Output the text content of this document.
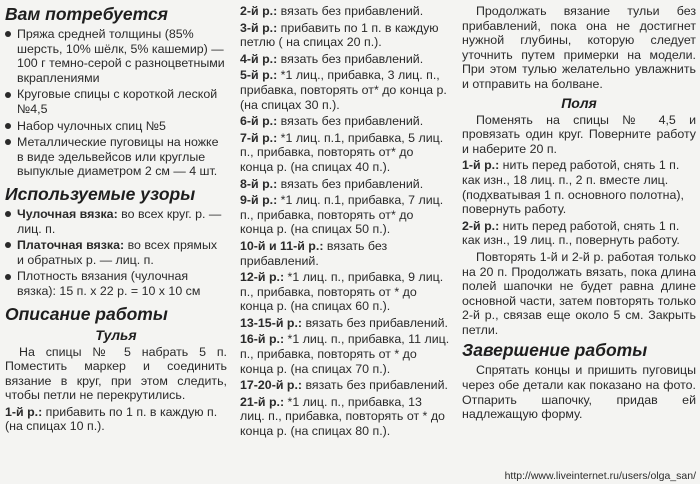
Вам потребуется

Пряжа средней толщины (85% шерсть, 10% шёлк, 5% кашемир) — 100 г темно-серой с разноцветными вкраплениями

Круговые спицы с короткой леской №4,5

Набор чулочных спиц №5

Металлические пуговицы на ножке в виде эдельвейсов или круглые выпуклые диаметром 2 см — 4 шт.

Используемые узоры

Чулочная вязка: во всех круг. р. — лиц. п.

Платочная вязка: во всех прямых и обратных р. — лиц. п.

Плотность вязания (чулочная вязка): 15 п. х 22 р. = 10 х 10 см

Описание работы
Тулья

На спицы № 5 набрать 5 п. Поместить маркер и соединить вязание в круг, при этом следить, чтобы петли не перекрутились.

1-й р.: прибавить по 1 п. в каждую п. (на спицах 10 п.).

2-й р.: вязать без прибавлений.

3-й р.: прибавить по 1 п. в каждую петлю ( на спицах 20 п.).

4-й р.: вязать без прибавлений.

5-й р.: *1 лиц., прибавка, 3 лиц. п., прибавка, повторять от* до конца р. (на спицах 30 п.).

6-й р.: вязать без прибавлений.

7-й р.: *1 лиц. п.1, прибавка, 5 лиц. п., прибавка, повторять от* до конца р. (на спицах 40 п.).

8-й р.: вязать без прибавлений.

9-й р.: *1 лиц. п.1, прибавка, 7 лиц. п., прибавка, повторять от* до конца р. (на спицах 50 п.).

10-й и 11-й р.: вязать без прибавлений.

12-й р.: *1 лиц. п., прибавка, 9 лиц. п., прибавка, повторять от * до конца р. (на спицах 60 п.).

13-15-й р.: вязать без прибавлений.

16-й р.: *1 лиц. п., прибавка, 11 лиц. п., прибавка, повторять от * до конца р. (на спицах 70 п.).

17-20-й р.: вязать без прибавлений.

21-й р.: *1 лиц. п., прибавка, 13 лиц. п., прибавка, повторять от * до конца р. (на спицах 80 п.).

Продолжать вязание тульи без прибавлений, пока она не достигнет нужной глубины, которую следует уточнить путем примерки на модели. При этом тулью желательно увлажнить и отправить на болване.

Поля

Поменять на спицы № 4,5 и провязать один круг. Поверните работу и наберите 20 п.

1-й р.: нить перед работой, снять 1 п. как изн., 18 лиц. п., 2 п. вместе лиц. (подхватывая 1 п. основного полотна), повернуть работу.

2-й р.: нить перед работой, снять 1 п. как изн., 19 лиц. п., повернуть работу.

Повторять 1-й и 2-й р. работая только на 20 п. Продолжать вязать, пока длина полей шапочки не будет равна длине основной части, затем повторять только 2-й р., связав еще около 5 см. Закрыть петли.

Завершение работы

Спрятать концы и пришить пуговицы через обе детали как показано на фото. Отпарить шапочку, придав ей надлежащую форму.

http://www.liveinternet.ru/users/olga_san/
